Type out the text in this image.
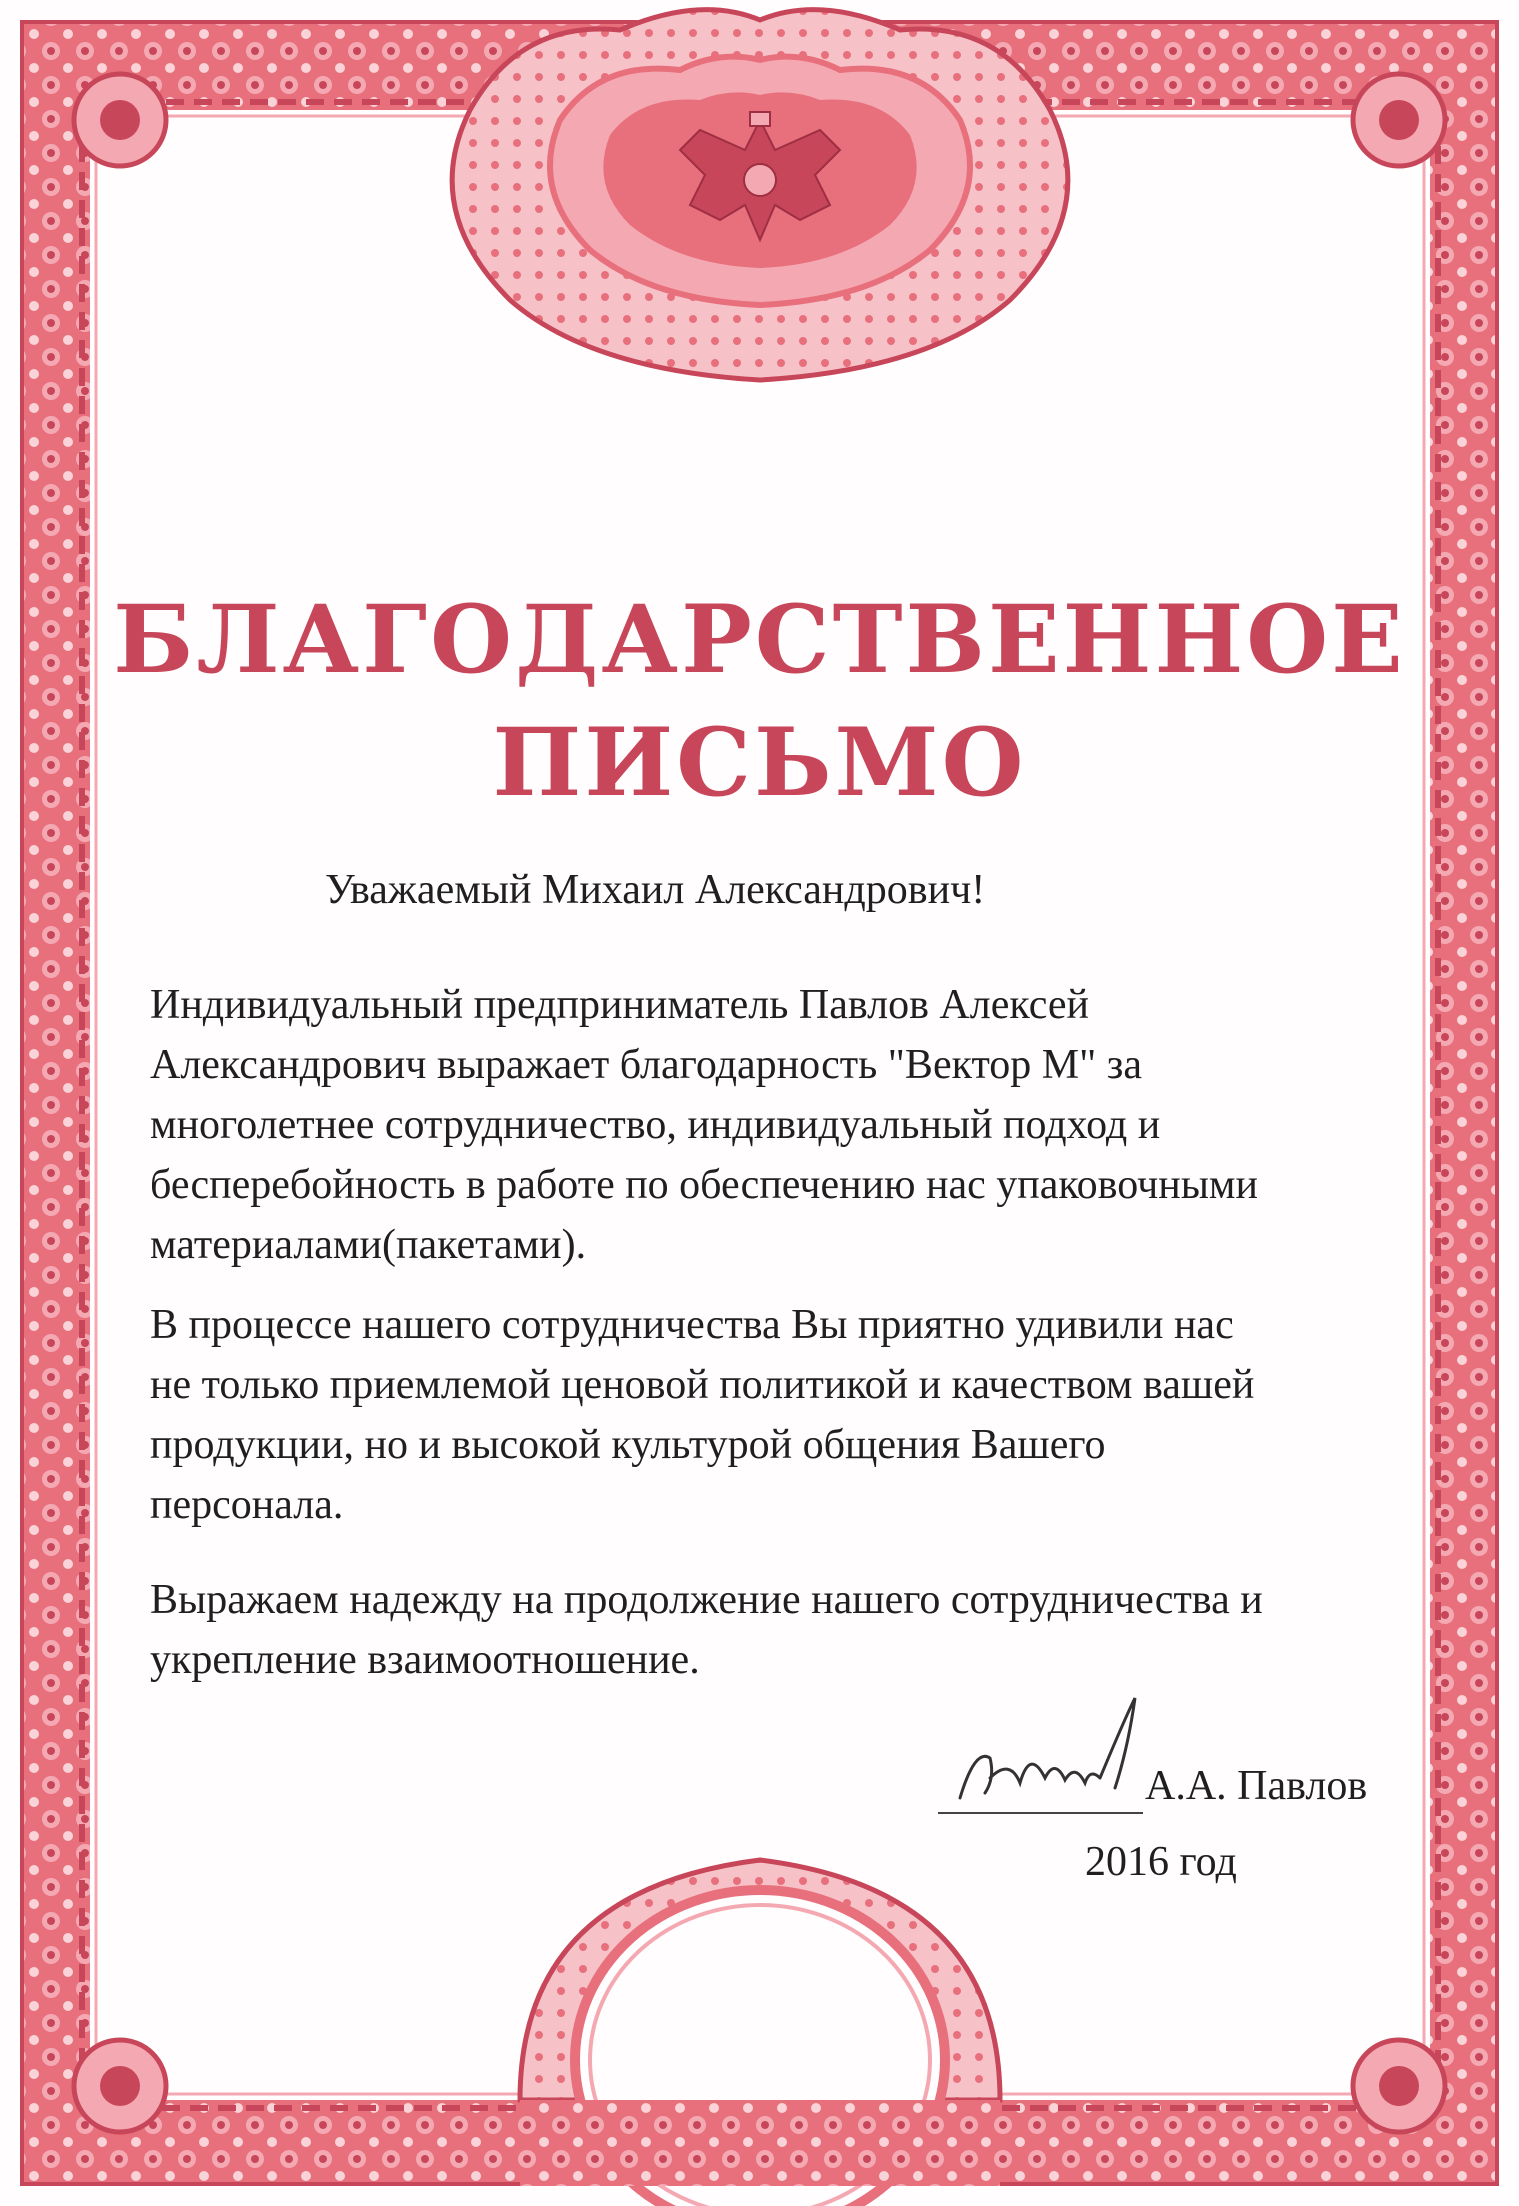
БЛАГОДАРСТВЕННОЕ
ПИСЬМО

Уважаемый Михаил Александрович!

Индивидуальный предприниматель Павлов Алексей
Александрович выражает благодарность "Вектор М" за
многолетнее сотрудничество, индивидуальный подход и
бесперебойность в работе по обеспечению нас упаковочными
материалами(пакетами).
В процессе нашего сотрудничества Вы приятно удивили нас
не только приемлемой ценовой политикой и качеством вашей
продукции, но и высокой культурой общения Вашего
персонала.
Выражаем надежду на продолжение нашего сотрудничества и
укрепление взаимоотношение.
А.А. Павлов
2016 год
